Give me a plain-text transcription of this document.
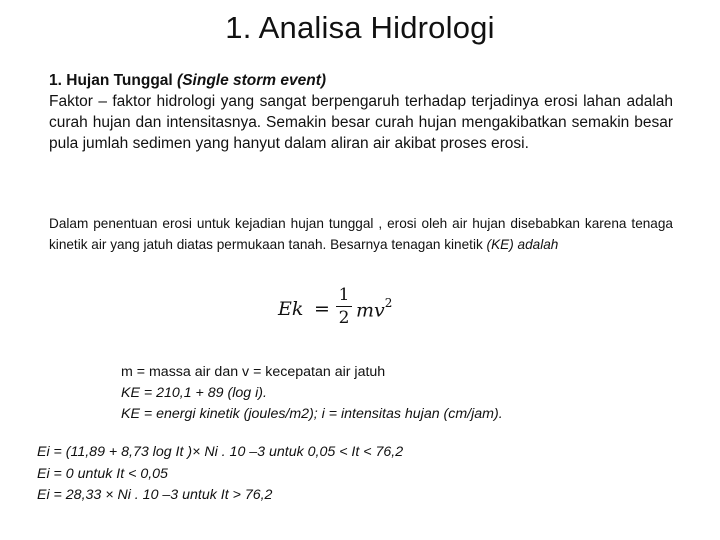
1. Analisa Hidrologi
1. Hujan Tunggal (Single storm event)
Faktor – faktor hidrologi yang sangat berpengaruh terhadap terjadinya erosi lahan adalah curah hujan dan intensitasnya. Semakin besar curah hujan mengakibatkan semakin besar pula jumlah sedimen yang hanyut dalam aliran air akibat proses erosi.
Dalam penentuan erosi untuk kejadian hujan tunggal , erosi oleh air hujan disebabkan karena tenaga kinetik air yang jatuh diatas permukaan tanah. Besarnya tenagan kinetik (KE) adalah
Ek =
1
2 $mv^2$
m = massa air dan v = kecepatan air jatuh
KE = 210,1 + 89 (log i).
KE = energi kinetik (joules/m2); i = intensitas hujan (cm/jam).
Ei = (11,89 + 8,73 log It )× Ni . 10 –3 untuk 0,05 < It < 76,2
Ei = 0 untuk It < 0,05
Ei = 28,33 × Ni . 10 –3 untuk It > 76,2
